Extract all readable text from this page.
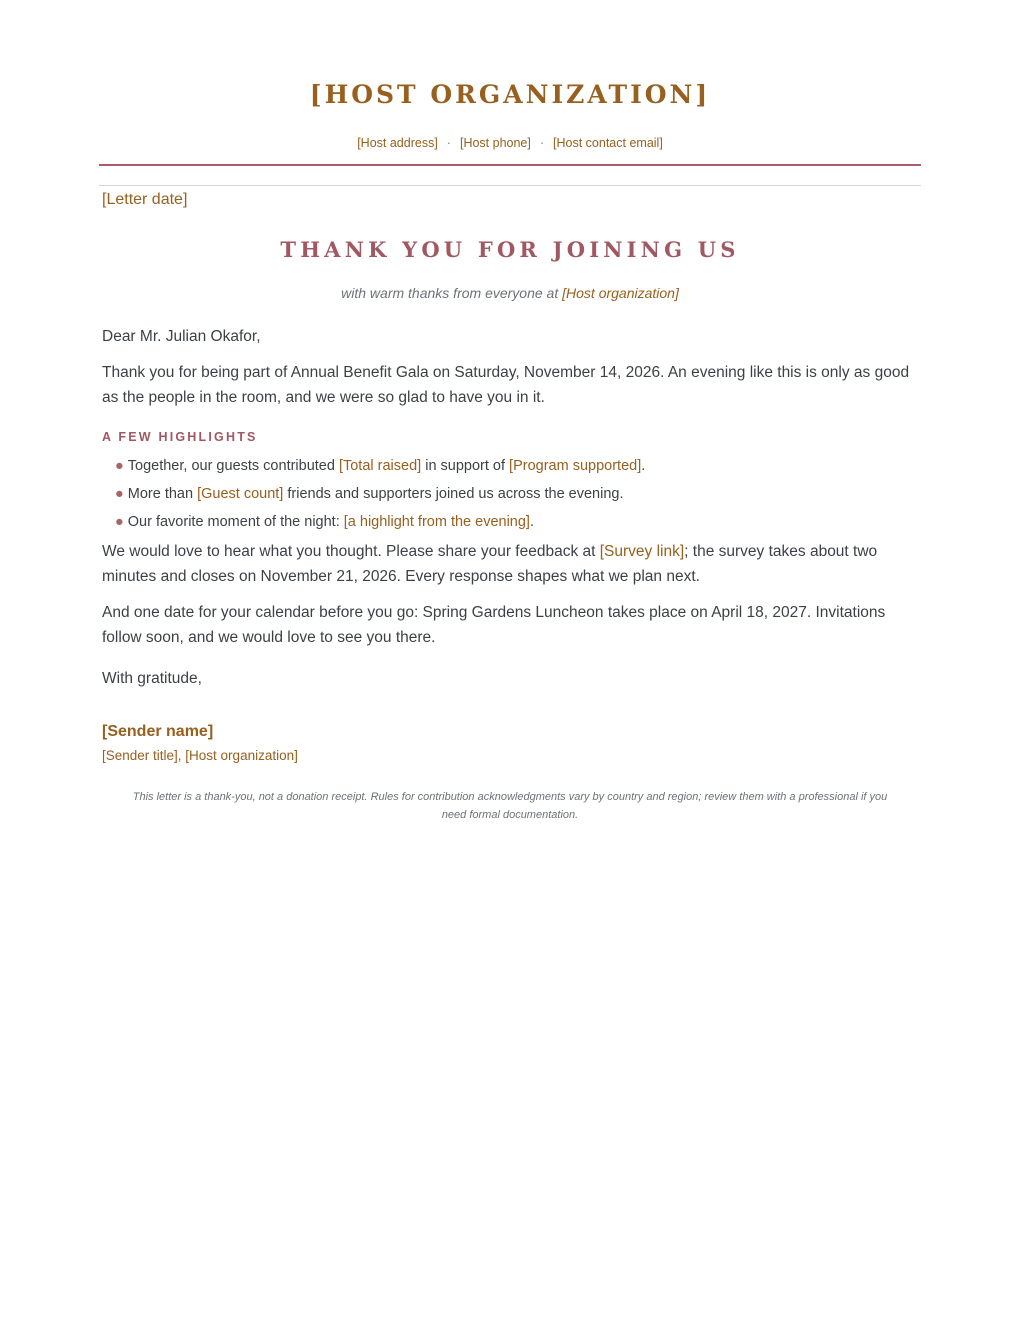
[HOST ORGANIZATION]
[Host address] · [Host phone] · [Host contact email]
[Letter date]
THANK YOU FOR JOINING US
with warm thanks from everyone at [Host organization]
Dear Mr. Julian Okafor,
Thank you for being part of Annual Benefit Gala on Saturday, November 14, 2026. An evening like this is only as good as the people in the room, and we were so glad to have you in it.
A FEW HIGHLIGHTS
● Together, our guests contributed [Total raised] in support of [Program supported].
● More than [Guest count] friends and supporters joined us across the evening.
● Our favorite moment of the night: [a highlight from the evening].
We would love to hear what you thought. Please share your feedback at [Survey link]; the survey takes about two minutes and closes on November 21, 2026. Every response shapes what we plan next.
And one date for your calendar before you go: Spring Gardens Luncheon takes place on April 18, 2027. Invitations follow soon, and we would love to see you there.
With gratitude,
[Sender name]
[Sender title], [Host organization]
This letter is a thank-you, not a donation receipt. Rules for contribution acknowledgments vary by country and region; review them with a professional if you need formal documentation.
